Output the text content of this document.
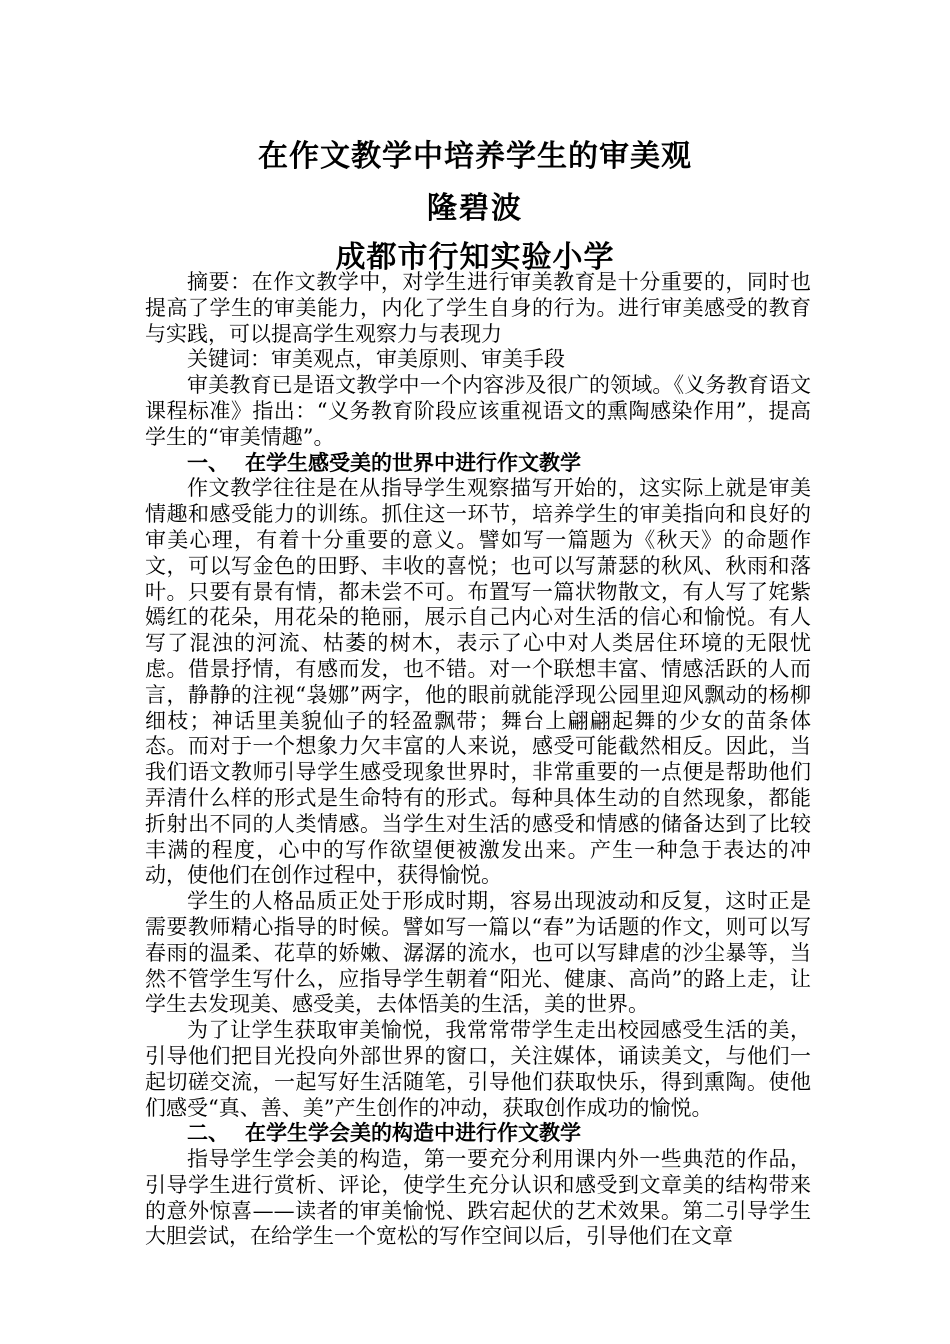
在作文教学中培养学生的审美观
隆碧波
成都市行知实验小学

摘要：在作文教学中，对学生进行审美教育是十分重要的，同时也提高了学生的审美能力，内化了学生自身的行为。进行审美感受的教育与实践，可以提高学生观察力与表现力

关键词：审美观点，审美原则、审美手段

审美教育已是语文教学中一个内容涉及很广的领域。《义务教育语文课程标准》指出：“义务教育阶段应该重视语文的熏陶感染作用”，提高学生的“审美情趣”。

一、 在学生感受美的世界中进行作文教学

作文教学往往是在从指导学生观察描写开始的，这实际上就是审美情趣和感受能力的训练。抓住这一环节，培养学生的审美指向和良好的审美心理，有着十分重要的意义。譬如写一篇题为《秋天》的命题作文，可以写金色的田野、丰收的喜悦；也可以写萧瑟的秋风、秋雨和落叶。只要有景有情，都未尝不可。布置写一篇状物散文，有人写了姹紫嫣红的花朵，用花朵的艳丽，展示自己内心对生活的信心和愉悦。有人写了混浊的河流、枯萎的树木，表示了心中对人类居住环境的无限忧虑。借景抒情，有感而发，也不错。对一个联想丰富、情感活跃的人而言，静静的注视“袅娜”两字，他的眼前就能浮现公园里迎风飘动的杨柳细枝；神话里美貌仙子的轻盈飘带；舞台上翩翩起舞的少女的苗条体态。而对于一个想象力欠丰富的人来说，感受可能截然相反。因此，当我们语文教师引导学生感受现象世界时，非常重要的一点便是帮助他们弄清什么样的形式是生命特有的形式。每种具体生动的自然现象，都能折射出不同的人类情感。当学生对生活的感受和情感的储备达到了比较丰满的程度，心中的写作欲望便被激发出来。产生一种急于表达的冲动，使他们在创作过程中，获得愉悦。

学生的人格品质正处于形成时期，容易出现波动和反复，这时正是需要教师精心指导的时候。譬如写一篇以“春”为话题的作文，则可以写春雨的温柔、花草的娇嫩、潺潺的流水，也可以写肆虐的沙尘暴等，当然不管学生写什么，应指导学生朝着“阳光、健康、高尚”的路上走，让学生去发现美、感受美，去体悟美的生活，美的世界。

为了让学生获取审美愉悦，我常常带学生走出校园感受生活的美，引导他们把目光投向外部世界的窗口，关注媒体，诵读美文，与他们一起切磋交流，一起写好生活随笔，引导他们获取快乐，得到熏陶。使他们感受“真、善、美”产生创作的冲动，获取创作成功的愉悦。

二、 在学生学会美的构造中进行作文教学

指导学生学会美的构造，第一要充分利用课内外一些典范的作品，引导学生进行赏析、评论，使学生充分认识和感受到文章美的结构带来的意外惊喜——读者的审美愉悦、跌宕起伏的艺术效果。第二引导学生大胆尝试，在给学生一个宽松的写作空间以后，引导他们在文章
